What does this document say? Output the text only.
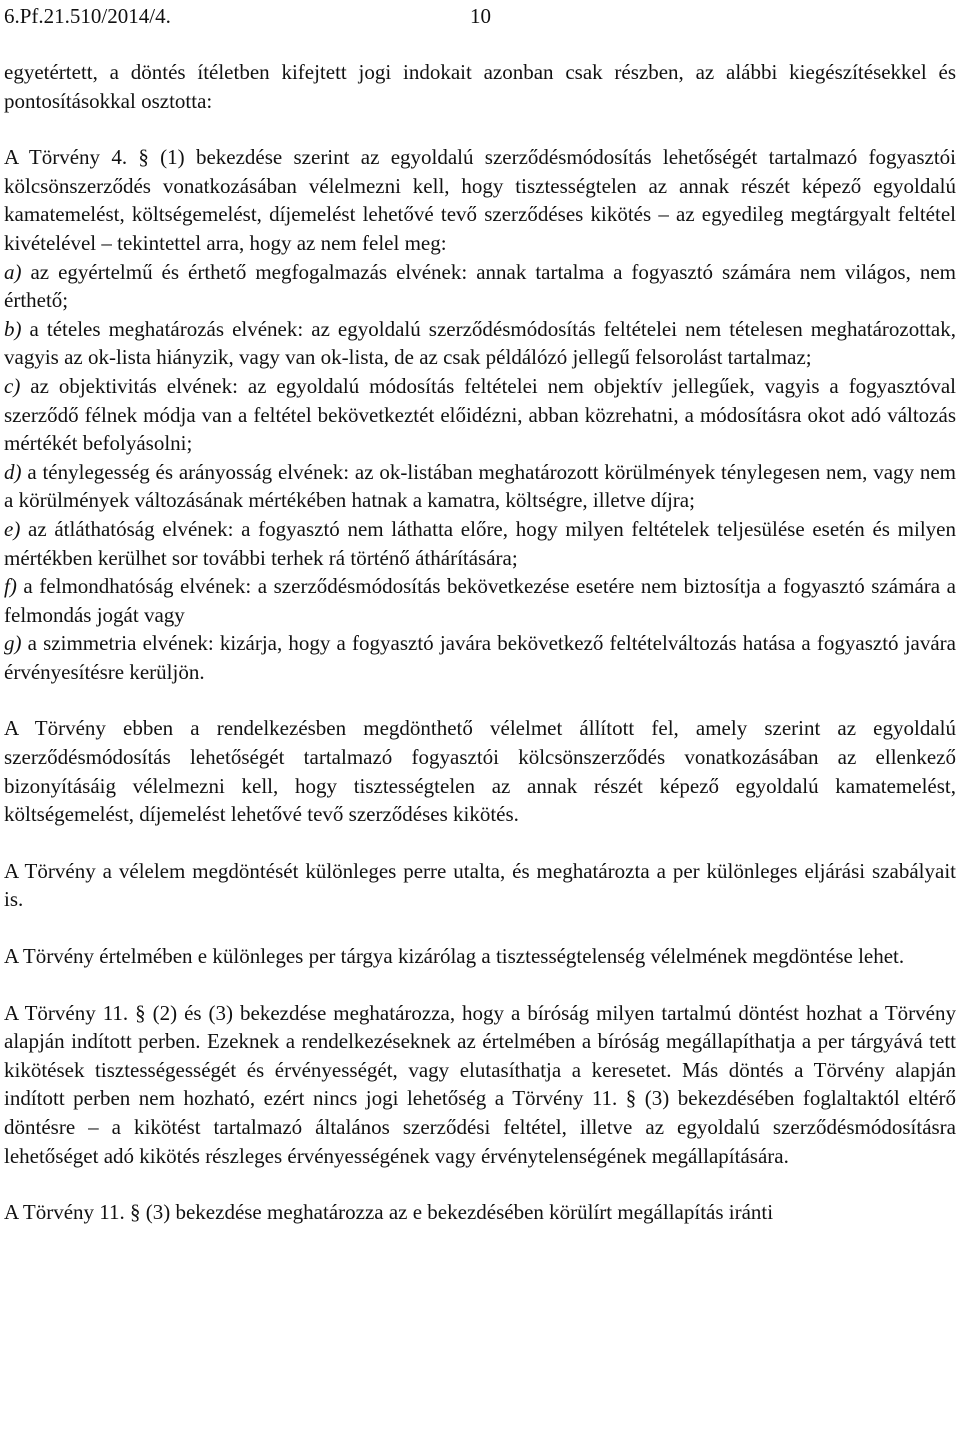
6.Pf.21.510/2014/4.	10

egyetértett, a döntés ítéletben kifejtett jogi indokait azonban csak részben, az alábbi kiegészítésekkel és pontosításokkal osztotta:

A Törvény 4. § (1) bekezdése szerint az egyoldalú szerződésmódosítás lehetőségét tartalmazó fogyasztói kölcsönszerződés vonatkozásában vélelmezni kell, hogy tisztességtelen az annak részét képező egyoldalú kamatemelést, költségemelést, díjemelést lehetővé tevő szerződéses kikötés – az egyedileg megtárgyalt feltétel kivételével – tekintettel arra, hogy az nem felel meg:

a) az egyértelmű és érthető megfogalmazás elvének: annak tartalma a fogyasztó számára nem világos, nem érthető;

b) a tételes meghatározás elvének: az egyoldalú szerződésmódosítás feltételei nem tételesen meghatározottak, vagyis az ok-lista hiányzik, vagy van ok-lista, de az csak példálózó jellegű felsorolást tartalmaz;

c) az objektivitás elvének: az egyoldalú módosítás feltételei nem objektív jellegűek, vagyis a fogyasztóval szerződő félnek módja van a feltétel bekövetkeztét előidézni, abban közrehatni, a módosításra okot adó változás mértékét befolyásolni;

d) a ténylegesség és arányosság elvének: az ok-listában meghatározott körülmények ténylegesen nem, vagy nem a körülmények változásának mértékében hatnak a kamatra, költségre, illetve díjra;

e) az átláthatóság elvének: a fogyasztó nem láthatta előre, hogy milyen feltételek teljesülése esetén és milyen mértékben kerülhet sor további terhek rá történő áthárítására;

f) a felmondhatóság elvének: a szerződésmódosítás bekövetkezése esetére nem biztosítja a fogyasztó számára a felmondás jogát vagy

g) a szimmetria elvének: kizárja, hogy a fogyasztó javára bekövetkező feltételváltozás hatása a fogyasztó javára érvényesítésre kerüljön.

A Törvény ebben a rendelkezésben megdönthető vélelmet állított fel, amely szerint az egyoldalú szerződésmódosítás lehetőségét tartalmazó fogyasztói kölcsönszerződés vonatkozásában az ellenkező bizonyításáig vélelmezni kell, hogy tisztességtelen az annak részét képező egyoldalú kamatemelést, költségemelést, díjemelést lehetővé tevő szerződéses kikötés.

A Törvény a vélelem megdöntését különleges perre utalta, és meghatározta a per különleges eljárási szabályait is.

A Törvény értelmében e különleges per tárgya kizárólag a tisztességtelenség vélelmének megdöntése lehet.

A Törvény 11. § (2) és (3) bekezdése meghatározza, hogy a bíróság milyen tartalmú döntést hozhat a Törvény alapján indított perben. Ezeknek a rendelkezéseknek az értelmében a bíróság megállapíthatja a per tárgyává tett kikötések tisztességességét és érvényességét, vagy elutasíthatja a keresetet. Más döntés a Törvény alapján indított perben nem hozható, ezért nincs jogi lehetőség a Törvény 11. § (3) bekezdésében foglaltaktól eltérő döntésre – a kikötést tartalmazó általános szerződési feltétel, illetve az egyoldalú szerződésmódosításra lehetőséget adó kikötés részleges érvényességének vagy érvénytelenségének megállapítására.

A Törvény 11. § (3) bekezdése meghatározza az e bekezdésében körülírt megállapítás iránti
